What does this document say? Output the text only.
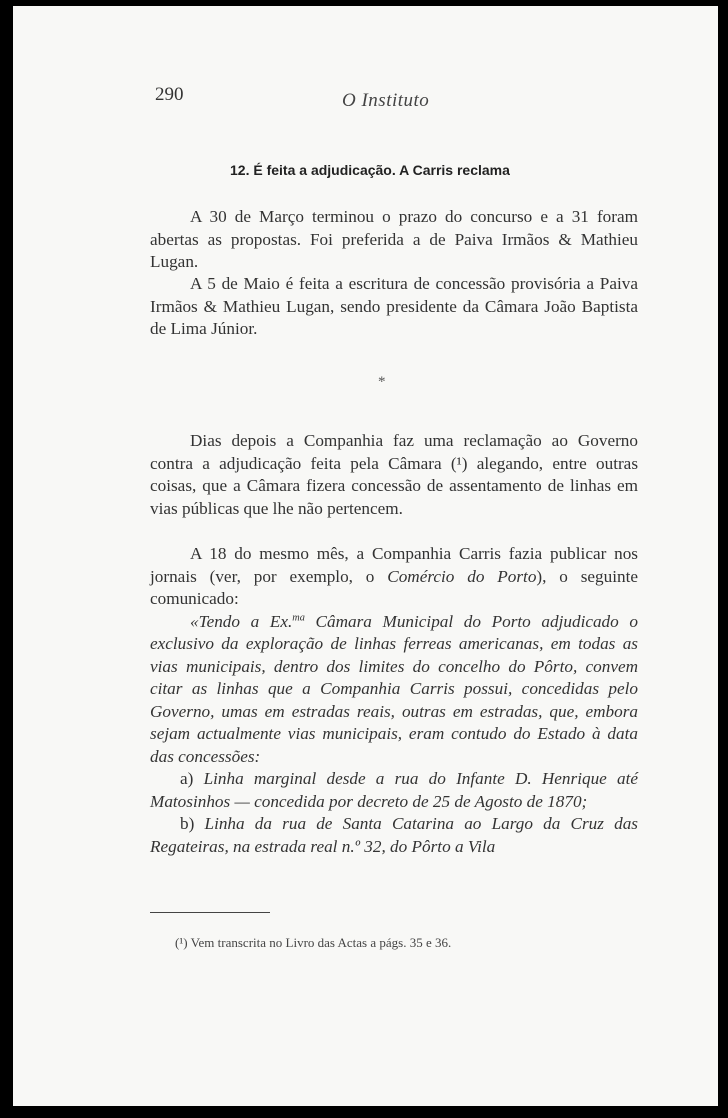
290	O Instituto
12. É feita a adjudicação. A Carris reclama

A 30 de Março terminou o prazo do concurso e a 31 foram abertas as propostas. Foi preferida a de Paiva Irmãos & Mathieu Lugan.

A 5 de Maio é feita a escritura de concessão provisória a Paiva Irmãos & Mathieu Lugan, sendo presidente da Câmara João Baptista de Lima Júnior.

*

Dias depois a Companhia faz uma reclamação ao Governo contra a adjudicação feita pela Câmara (¹) alegando, entre outras coisas, que a Câmara fizera concessão de assentamento de linhas em vias públicas que lhe não pertencem.

A 18 do mesmo mês, a Companhia Carris fazia publicar nos jornais (ver, por exemplo, o Comércio do Porto), o seguinte comunicado:

«Tendo a Ex.$^{ma}$ Câmara Municipal do Porto adjudicado o exclusivo da exploração de linhas ferreas americanas, em todas as vias municipais, dentro dos limites do concelho do Pôrto, convem citar as linhas que a Companhia Carris possui, concedidas pelo Governo, umas em estradas reais, outras em estradas, que, embora sejam actualmente vias municipais, eram contudo do Estado à data das concessões:

a) Linha marginal desde a rua do Infante D. Henrique até Matosinhos — concedida por decreto de 25 de Agosto de 1870;

b) Linha da rua de Santa Catarina ao Largo da Cruz das Regateiras, na estrada real n.º 32, do Pôrto a Vila

(¹) Vem transcrita no Livro das Actas a págs. 35 e 36.
